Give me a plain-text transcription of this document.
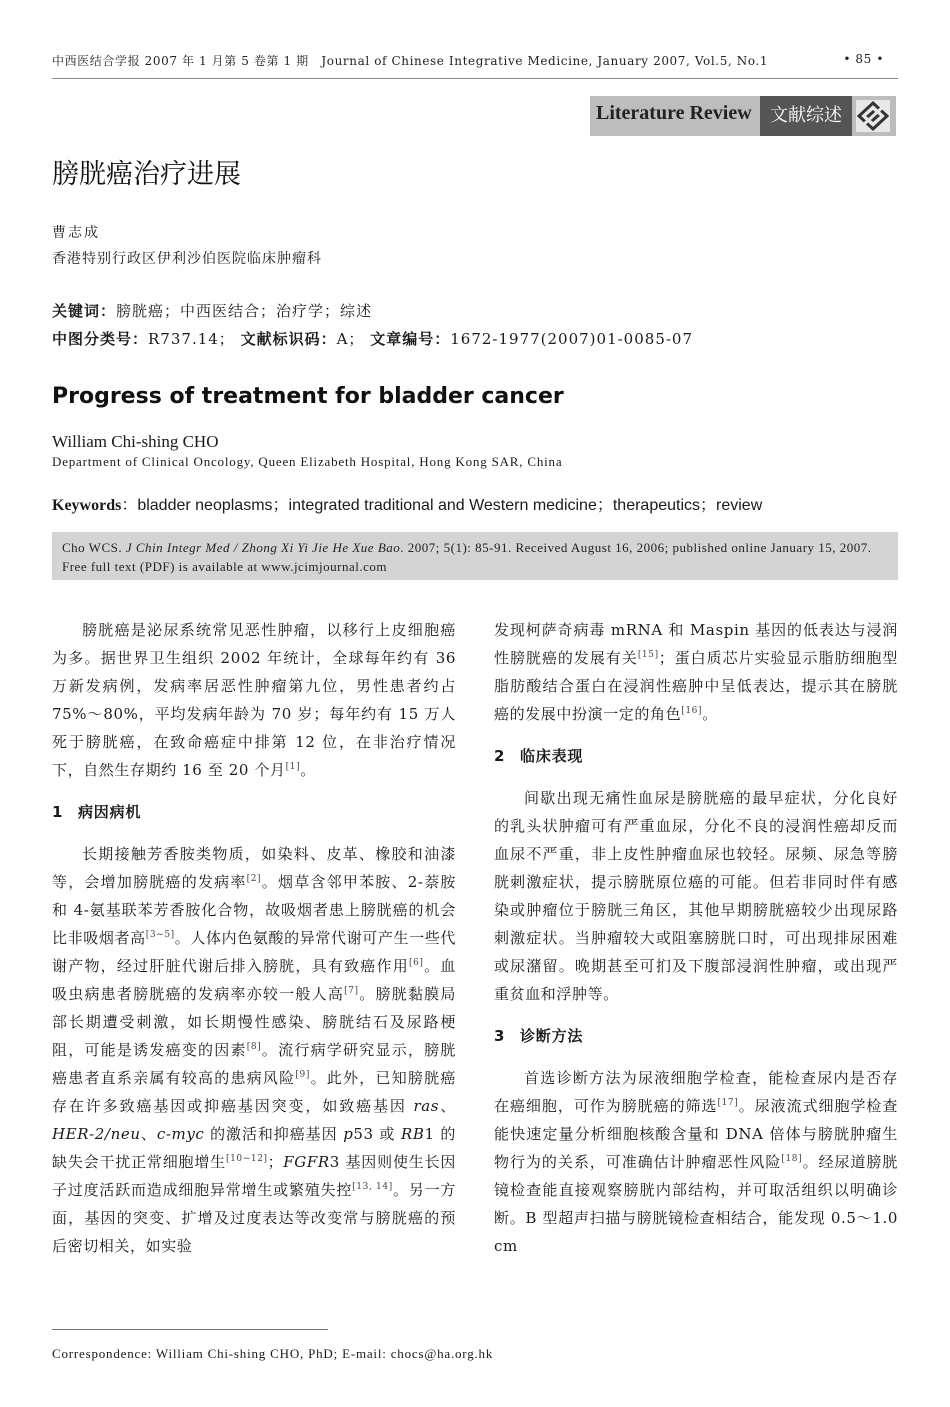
中西医结合学报 2007 年 1 月第 5 卷第 1 期　Journal of Chinese Integrative Medicine, January 2007, Vol.5, No.1	• 85 •
Literature Review	文献综述
膀胱癌治疗进展
曹志成
香港特别行政区伊利沙伯医院临床肿瘤科
关键词：膀胱癌；中西医结合；治疗学；综述
中图分类号：R737.14； 文献标识码：A； 文章编号：1672-1977(2007)01-0085-07
Progress of treatment for bladder cancer
William Chi-shing CHO
Department of Clinical Oncology, Queen Elizabeth Hospital, Hong Kong SAR, China
Keywords：bladder neoplasms；integrated traditional and Western medicine；therapeutics；review
Cho WCS. J Chin Integr Med / Zhong Xi Yi Jie He Xue Bao. 2007; 5(1): 85-91. Received August 16, 2006; published online January 15, 2007. Free full text (PDF) is available at www.jcimjournal.com

膀胱癌是泌尿系统常见恶性肿瘤，以移行上皮细胞癌为多。据世界卫生组织 2002 年统计，全球每年约有 36 万新发病例，发病率居恶性肿瘤第九位，男性患者约占 75%～80%，平均发病年龄为 70 岁；每年约有 15 万人死于膀胱癌，在致命癌症中排第 12 位，在非治疗情况下，自然生存期约 16 至 20 个月[1]。

1 病因病机

长期接触芳香胺类物质，如染料、皮革、橡胶和油漆等，会增加膀胱癌的发病率[2]。烟草含邻甲苯胺、2-萘胺和 4-氨基联苯芳香胺化合物，故吸烟者患上膀胱癌的机会比非吸烟者高[3~5]。人体内色氨酸的异常代谢可产生一些代谢产物，经过肝脏代谢后排入膀胱，具有致癌作用[6]。血吸虫病患者膀胱癌的发病率亦较一般人高[7]。膀胱黏膜局部长期遭受刺激，如长期慢性感染、膀胱结石及尿路梗阻，可能是诱发癌变的因素[8]。流行病学研究显示，膀胱癌患者直系亲属有较高的患病风险[9]。此外，已知膀胱癌存在许多致癌基因或抑癌基因突变，如致癌基因 ras、HER-2/neu、c-myc 的激活和抑癌基因 p53 或 RB1 的缺失会干扰正常细胞增生[10~12]；FGFR3 基因则使生长因子过度活跃而造成细胞异常增生或繁殖失控[13, 14]。另一方面，基因的突变、扩增及过度表达等改变常与膀胱癌的预后密切相关，如实验

发现柯萨奇病毒 mRNA 和 Maspin 基因的低表达与浸润性膀胱癌的发展有关[15]；蛋白质芯片实验显示脂肪细胞型脂肪酸结合蛋白在浸润性癌肿中呈低表达，提示其在膀胱癌的发展中扮演一定的角色[16]。

2 临床表现

间歇出现无痛性血尿是膀胱癌的最早症状，分化良好的乳头状肿瘤可有严重血尿，分化不良的浸润性癌却反而血尿不严重，非上皮性肿瘤血尿也较轻。尿频、尿急等膀胱刺激症状，提示膀胱原位癌的可能。但若非同时伴有感染或肿瘤位于膀胱三角区，其他早期膀胱癌较少出现尿路刺激症状。当肿瘤较大或阻塞膀胱口时，可出现排尿困难或尿潴留。晚期甚至可扪及下腹部浸润性肿瘤，或出现严重贫血和浮肿等。

3 诊断方法

首选诊断方法为尿液细胞学检查，能检查尿内是否存在癌细胞，可作为膀胱癌的筛选[17]。尿液流式细胞学检查能快速定量分析细胞核酸含量和 DNA 倍体与膀胱肿瘤生物行为的关系，可准确估计肿瘤恶性风险[18]。经尿道膀胱镜检查能直接观察膀胱内部结构，并可取活组织以明确诊断。B 型超声扫描与膀胱镜检查相结合，能发现 0.5～1.0 cm

Correspondence: William Chi-shing CHO, PhD; E-mail: chocs@ha.org.hk
